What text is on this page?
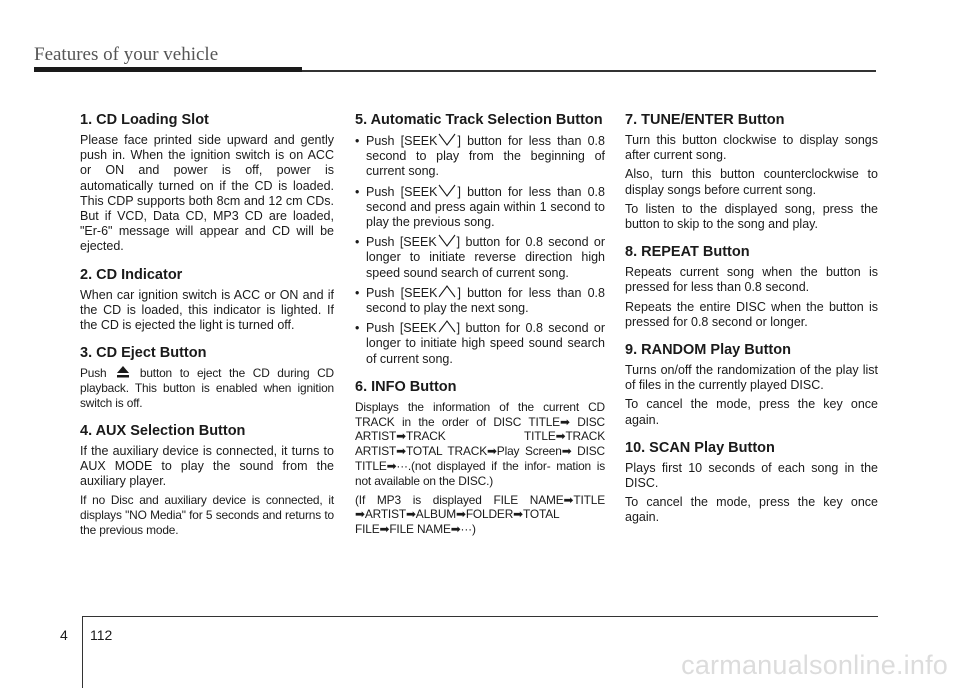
Features of your vehicle
1. CD Loading Slot

Please face printed side upward and gently push in. When the ignition switch is on ACC or ON and power is off, power is automatically turned on if the CD is loaded. This CDP supports both 8cm and 12 cm CDs. But if VCD, Data CD, MP3 CD are loaded, "Er-6" message will appear and CD will be ejected.

2. CD Indicator

When car ignition switch is ACC or ON and if the CD is loaded, this indicator is lighted. If the CD is ejected the light is turned off.

3. CD Eject Button

Push	button to eject the CD during CD playback. This button is enabled when ignition switch is off.

4. AUX Selection Button

If the auxiliary device is connected, it turns to AUX MODE to play the sound from the auxiliary player.

If no Disc and auxiliary device is connected, it displays "NO Media" for 5 seconds and returns to the previous mode.

5. Automatic Track Selection Button
• Push [SEEK ] button for less than 0.8 second to play from the beginning of current song.
• Push [SEEK ] button for less than 0.8 second and press again within 1 second to play the previous song.
• Push [SEEK ] button for 0.8 second or longer to initiate reverse direction high speed sound search of current song.
• Push [SEEK ] button for less than 0.8 second to play the next song.
• Push [SEEK ] button for 0.8 second or longer to initiate high speed sound search of current song.
6. INFO Button

Displays the information of the current CD TRACK in the order of DISC TITLE➡ DISC ARTIST➡TRACK TITLE➡TRACK ARTIST➡TOTAL TRACK➡Play Screen➡ DISC TITLE➡···.(not displayed if the infor- mation is not available on the DISC.)

(If MP3 is displayed FILE NAME➡TITLE ➡ARTIST➡ALBUM➡FOLDER➡TOTAL FILE➡FILE NAME➡···)

7. TUNE/ENTER Button

Turn this button clockwise to display songs after current song.

Also, turn this button counterclockwise to display songs before current song.

To listen to the displayed song, press the button to skip to the song and play.

8. REPEAT Button

Repeats current song when the button is pressed for less than 0.8 second.

Repeats the entire DISC when the button is pressed for 0.8 second or longer.

9. RANDOM Play Button

Turns on/off the randomization of the play list of files in the currently played DISC.

To cancel the mode, press the key once again.

10. SCAN Play Button

Plays first 10 seconds of each song in the DISC.

To cancel the mode, press the key once again.

4 112
carmanualsonline.info
